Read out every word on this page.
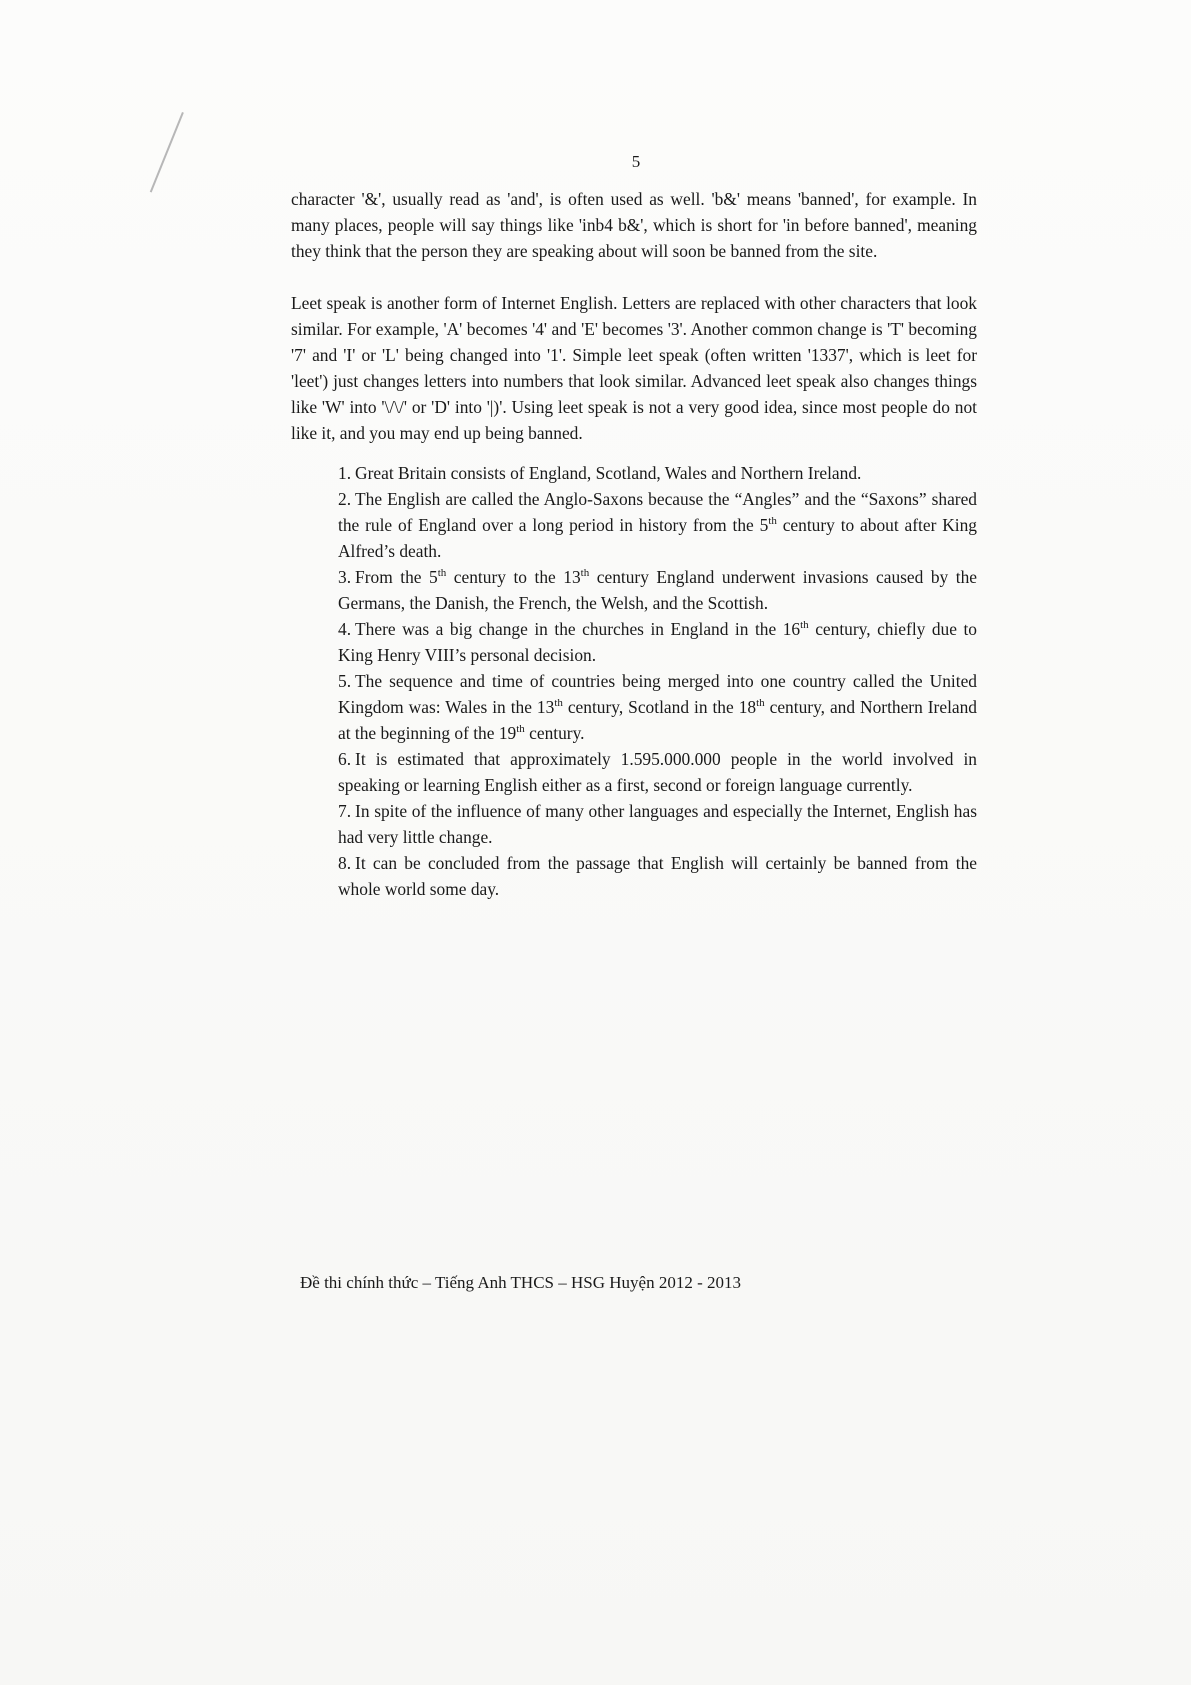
5

character '&', usually read as 'and', is often used as well. 'b&' means 'banned', for example. In many places, people will say things like 'inb4 b&', which is short for 'in before banned', meaning they think that the person they are speaking about will soon be banned from the site.

Leet speak is another form of Internet English. Letters are replaced with other characters that look similar. For example, 'A' becomes '4' and 'E' becomes '3'. Another common change is 'T' becoming '7' and 'I' or 'L' being changed into '1'. Simple leet speak (often written '1337', which is leet for 'leet') just changes letters into numbers that look similar. Advanced leet speak also changes things like 'W' into '\/\/' or 'D' into '|)'. Using leet speak is not a very good idea, since most people do not like it, and you may end up being banned.

1. Great Britain consists of England, Scotland, Wales and Northern Ireland.

2. The English are called the Anglo-Saxons because the “Angles” and the “Saxons” shared the rule of England over a long period in history from the 5th century to about after King Alfred’s death.

3. From the 5th century to the 13th century England underwent invasions caused by the Germans, the Danish, the French, the Welsh, and the Scottish.

4. There was a big change in the churches in England in the 16th century, chiefly due to King Henry VIII’s personal decision.

5. The sequence and time of countries being merged into one country called the United Kingdom was: Wales in the 13th century, Scotland in the 18th century, and Northern Ireland at the beginning of the 19th century.

6. It is estimated that approximately 1.595.000.000 people in the world involved in speaking or learning English either as a first, second or foreign language currently.

7. In spite of the influence of many other languages and especially the Internet, English has had very little change.

8. It can be concluded from the passage that English will certainly be banned from the whole world some day.

Đề thi chính thức – Tiếng Anh THCS – HSG Huyện 2012 - 2013
